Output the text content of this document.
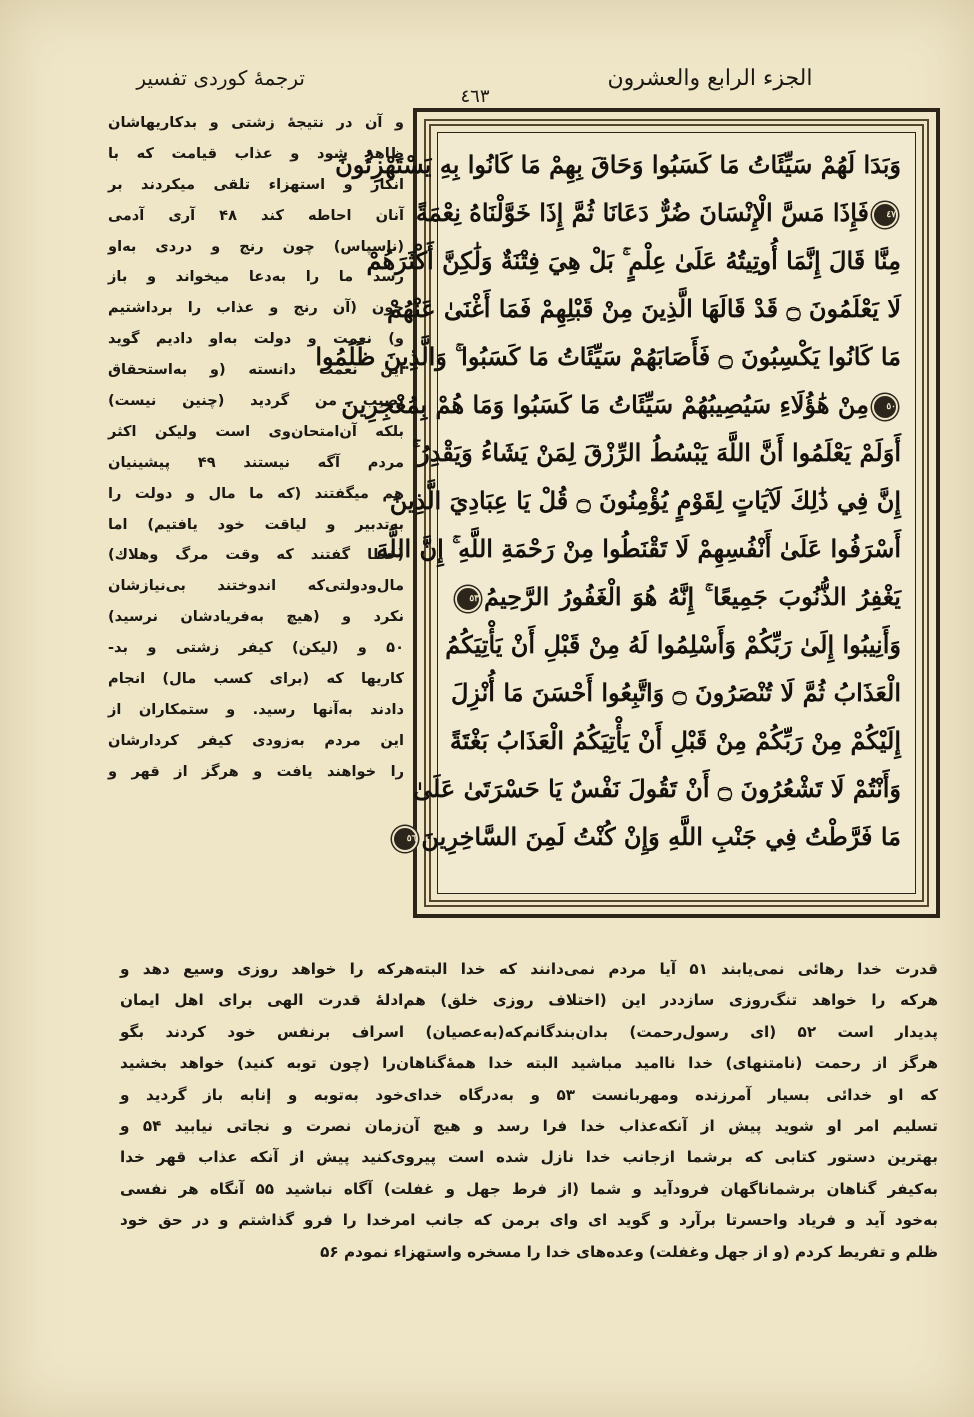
ترجمهٔ کوردی تفسیر
٤٦٣
الجزء الرابع والعشرون
وَبَدَا لَهُمْ سَيِّئَاتُ مَا كَسَبُوا وَحَاقَ بِهِمْ مَا كَانُوا بِهِ يَسْتَهْزِئُونَ
٤٧فَإِذَا مَسَّ الْإِنْسَانَ ضُرٌّ دَعَانَا ثُمَّ إِذَا خَوَّلْنَاهُ نِعْمَةً
مِنَّا قَالَ إِنَّمَا أُوتِيتُهُ عَلَىٰ عِلْمٍ ۚ بَلْ هِيَ فِتْنَةٌ وَلَٰكِنَّ أَكْثَرَهُمْ
لَا يَعْلَمُونَ ۝ قَدْ قَالَهَا الَّذِينَ مِنْ قَبْلِهِمْ فَمَا أَغْنَىٰ عَنْهُمْ
مَا كَانُوا يَكْسِبُونَ ۝ فَأَصَابَهُمْ سَيِّئَاتُ مَا كَسَبُوا ۚ وَالَّذِينَ ظَلَمُوا
٥٠مِنْ هَٰؤُلَاءِ سَيُصِيبُهُمْ سَيِّئَاتُ مَا كَسَبُوا وَمَا هُمْ بِمُعْجِزِينَ
أَوَلَمْ يَعْلَمُوا أَنَّ اللَّهَ يَبْسُطُ الرِّزْقَ لِمَنْ يَشَاءُ وَيَقْدِرُ ۚ
إِنَّ فِي ذَٰلِكَ لَآيَاتٍ لِقَوْمٍ يُؤْمِنُونَ ۝ قُلْ يَا عِبَادِيَ الَّذِينَ
أَسْرَفُوا عَلَىٰ أَنْفُسِهِمْ لَا تَقْنَطُوا مِنْ رَحْمَةِ اللَّهِ ۚ إِنَّ اللَّهَ
يَغْفِرُ الذُّنُوبَ جَمِيعًا ۚ إِنَّهُ هُوَ الْغَفُورُ الرَّحِيمُ٥٣
وَأَنِيبُوا إِلَىٰ رَبِّكُمْ وَأَسْلِمُوا لَهُ مِنْ قَبْلِ أَنْ يَأْتِيَكُمُ
الْعَذَابُ ثُمَّ لَا تُنْصَرُونَ ۝ وَاتَّبِعُوا أَحْسَنَ مَا أُنْزِلَ
إِلَيْكُمْ مِنْ رَبِّكُمْ مِنْ قَبْلِ أَنْ يَأْتِيَكُمُ الْعَذَابُ بَغْتَةً
وَأَنْتُمْ لَا تَشْعُرُونَ ۝ أَنْ تَقُولَ نَفْسٌ يَا حَسْرَتَىٰ عَلَىٰ
مَا فَرَّطْتُ فِي جَنْبِ اللَّهِ وَإِنْ كُنْتُ لَمِنَ السَّاخِرِينَ٥٦
و آن در نتیجهٔ زشتی و بدکاریهاشان
ظاهر شود و عذاب قیامت که با
انکار و استهزاء تلقی میکردند بر
آنان احاطه کند ۴۸ آری آدمی
(ناسپاس) چون رنج و دردی به‌او
رسد ما را به‌دعا میخواند و باز
چون (آن رنج و عذاب را برداشتیم
و) نعمت و دولت به‌او دادیم گوید
این نعمت دانسته (و به‌استحقاق
نصیب من گردید (چنین نیست)
بلکه آن‌امتحان‌وی است ولیکن اکثر
مردم آگه نیستند ۴۹ پیشینیان
هم میگفتند (که ما مال و دولت را
به‌تدبیر و لیاقت خود یافتیم) اما
(خطا گفتند که وقت مرگ وهلاك)
مال‌ودولتی‌که اندوختند بی‌نیازشان
نکرد و (هیچ به‌فریادشان نرسید)
۵۰ و (لیکن) کیفر زشتی و بد-
کاریها که (برای کسب مال) انجام
دادند به‌آنها رسید. و ستمکاران از
این مردم به‌زودی کیفر کردارشان
را خواهند یافت و هرگز از قهر و
قدرت خدا رهائی نمی‌یابند ۵۱ آیا مردم نمی‌دانند که خدا البته‌هرکه را خواهد روزی وسیع دهد و
هرکه را خواهد تنگ‌روزی سازددر این (اختلاف روزی خلق) هم‌ادلهٔ قدرت الهی برای اهل ایمان
پدیدار است ۵۲ (ای رسول‌رحمت) بدان‌بندگانم‌که(به‌عصیان) اسراف برنفس خود کردند بگو
هرگز از رحمت (نامتنهای) خدا ناامید مباشید البته خدا همهٔ‌گناهان‌را (چون توبه کنید) خواهد بخشید
که او خدائی بسیار آمرزنده ومهربانست ۵۳ و به‌درگاه خدای‌خود به‌توبه و إنابه باز گردید و
تسلیم امر او شوید پیش از آنکه‌عذاب خدا فرا رسد و هیچ آن‌زمان نصرت و نجاتی نیابید ۵۴ و
بهترین دستور کتابی که برشما ازجانب خدا نازل شده است پیروی‌کنید پیش از آنکه عذاب قهر خدا
به‌کیفر گناهان برشماناگهان فرودآید و شما (از فرط جهل و غفلت) آگاه نباشید ۵۵ آنگاه هر نفسی
به‌خود آید و فریاد واحسرتا برآرد و گوید ای وای برمن که جانب امرخدا را فرو گذاشتم و در حق خود
ظلم و تفریط کردم (و از جهل وغفلت) وعده‌های خدا را مسخره واستهزاء نمودم ۵۶
